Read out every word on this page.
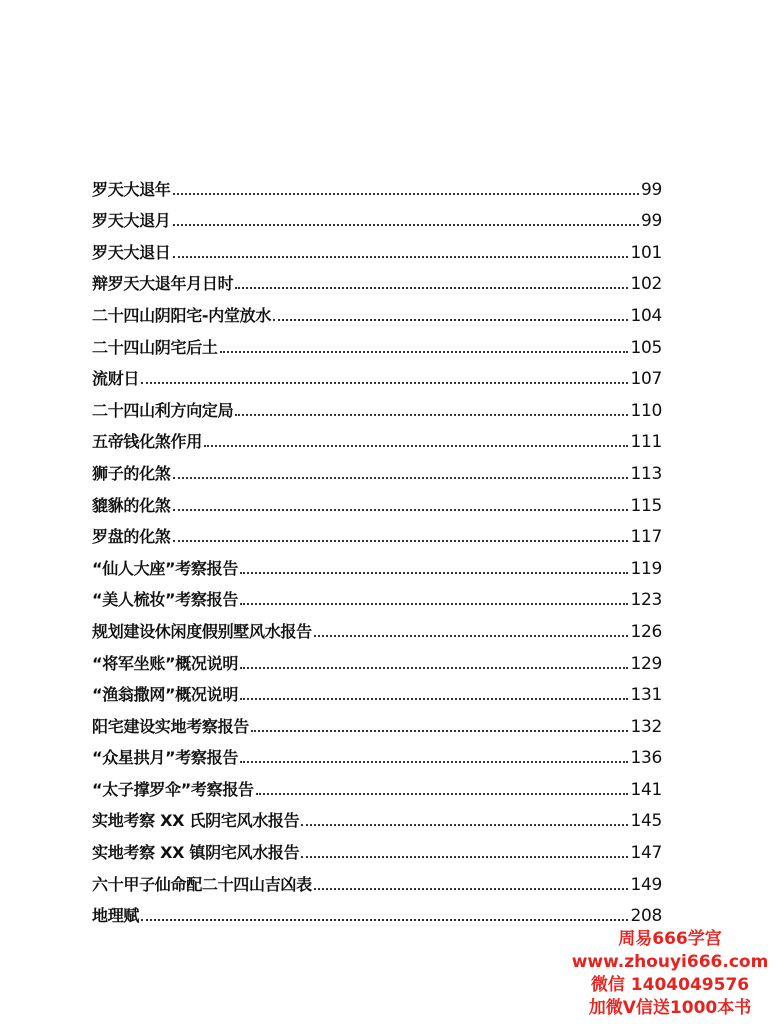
罗天大退年	99
罗天大退月	99
罗天大退日	101
辩罗天大退年月日时	102
二十四山阴阳宅-内堂放水	104
二十四山阴宅后土	105
流财日	107
二十四山利方向定局	110
五帝钱化煞作用	111
狮子的化煞	113
貔貅的化煞	115
罗盘的化煞	117
“仙人大座”考察报告	119
“美人梳妆”考察报告	123
规划建设休闲度假别墅风水报告	126
“将军坐账”概况说明	129
“渔翁撒网”概况说明	131
阳宅建设实地考察报告	132
“众星拱月”考察报告	136
“太子撑罗伞”考察报告	141
实地考察 XX 氏阴宅风水报告	145
实地考察 XX 镇阴宅风水报告	147
六十甲子仙命配二十四山吉凶表	149
地理赋	208
周易666学宫
www.zhouyi666.com
微信 1404049576
加微V信送1000本书
